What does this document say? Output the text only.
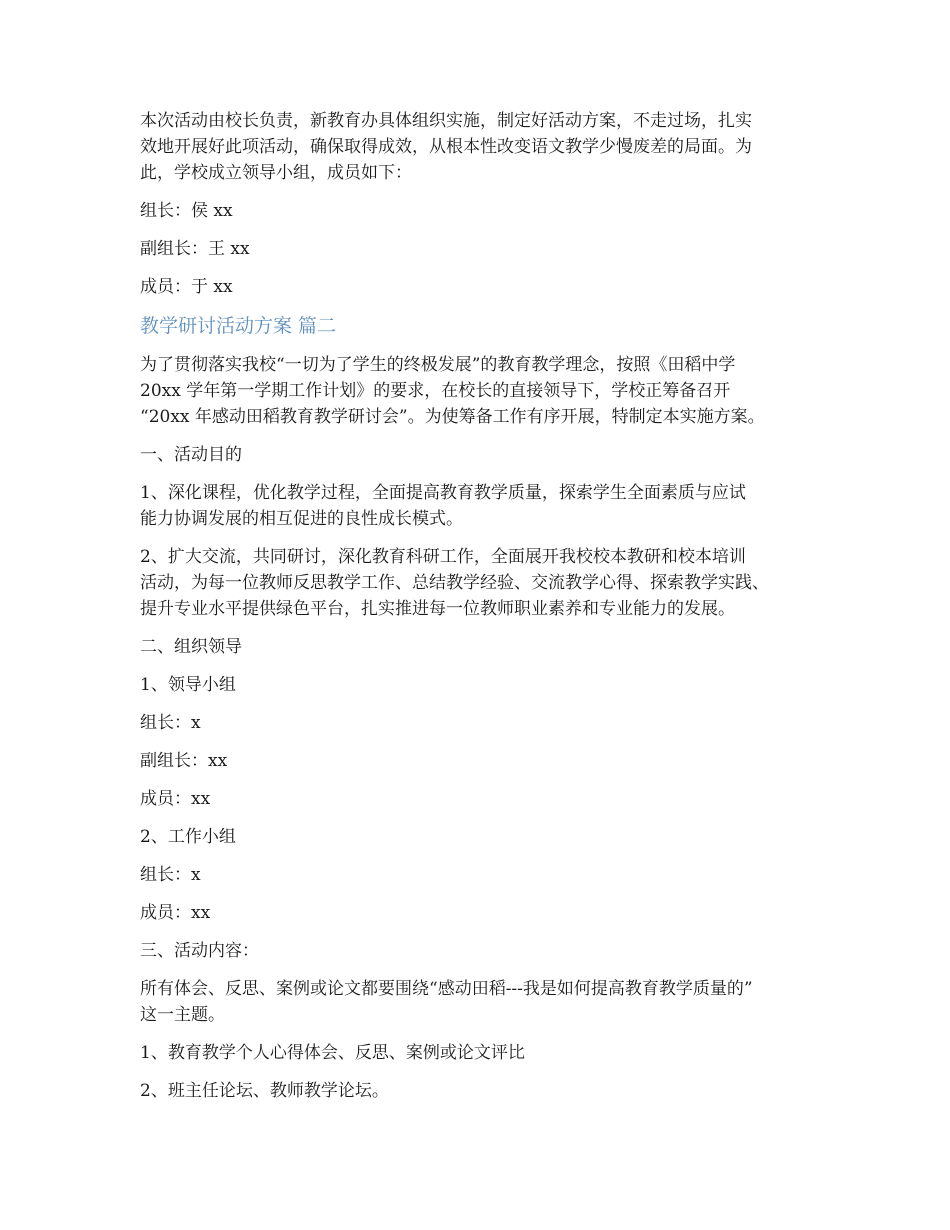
本次活动由校长负责，新教育办具体组织实施，制定好活动方案，不走过场，扎实
效地开展好此项活动，确保取得成效，从根本性改变语文教学少慢废差的局面。为
此，学校成立领导小组，成员如下：
组长：侯 xx
副组长：王 xx
成员：于 xx
教学研讨活动方案 篇二
为了贯彻落实我校“一切为了学生的终极发展”的教育教学理念，按照《田稻中学
20xx 学年第一学期工作计划》的要求，在校长的直接领导下，学校正筹备召开
“20xx 年感动田稻教育教学研讨会”。为使筹备工作有序开展，特制定本实施方案。
一、活动目的
1、深化课程，优化教学过程，全面提高教育教学质量，探索学生全面素质与应试
能力协调发展的相互促进的良性成长模式。
2、扩大交流，共同研讨，深化教育科研工作，全面展开我校校本教研和校本培训
活动，为每一位教师反思教学工作、总结教学经验、交流教学心得、探索教学实践、
提升专业水平提供绿色平台，扎实推进每一位教师职业素养和专业能力的发展。
二、组织领导
1、领导小组
组长：x
副组长：xx
成员：xx
2、工作小组
组长：x
成员：xx
三、活动内容：
所有体会、反思、案例或论文都要围绕“感动田稻---我是如何提高教育教学质量的”
这一主题。
1、教育教学个人心得体会、反思、案例或论文评比
2、班主任论坛、教师教学论坛。
